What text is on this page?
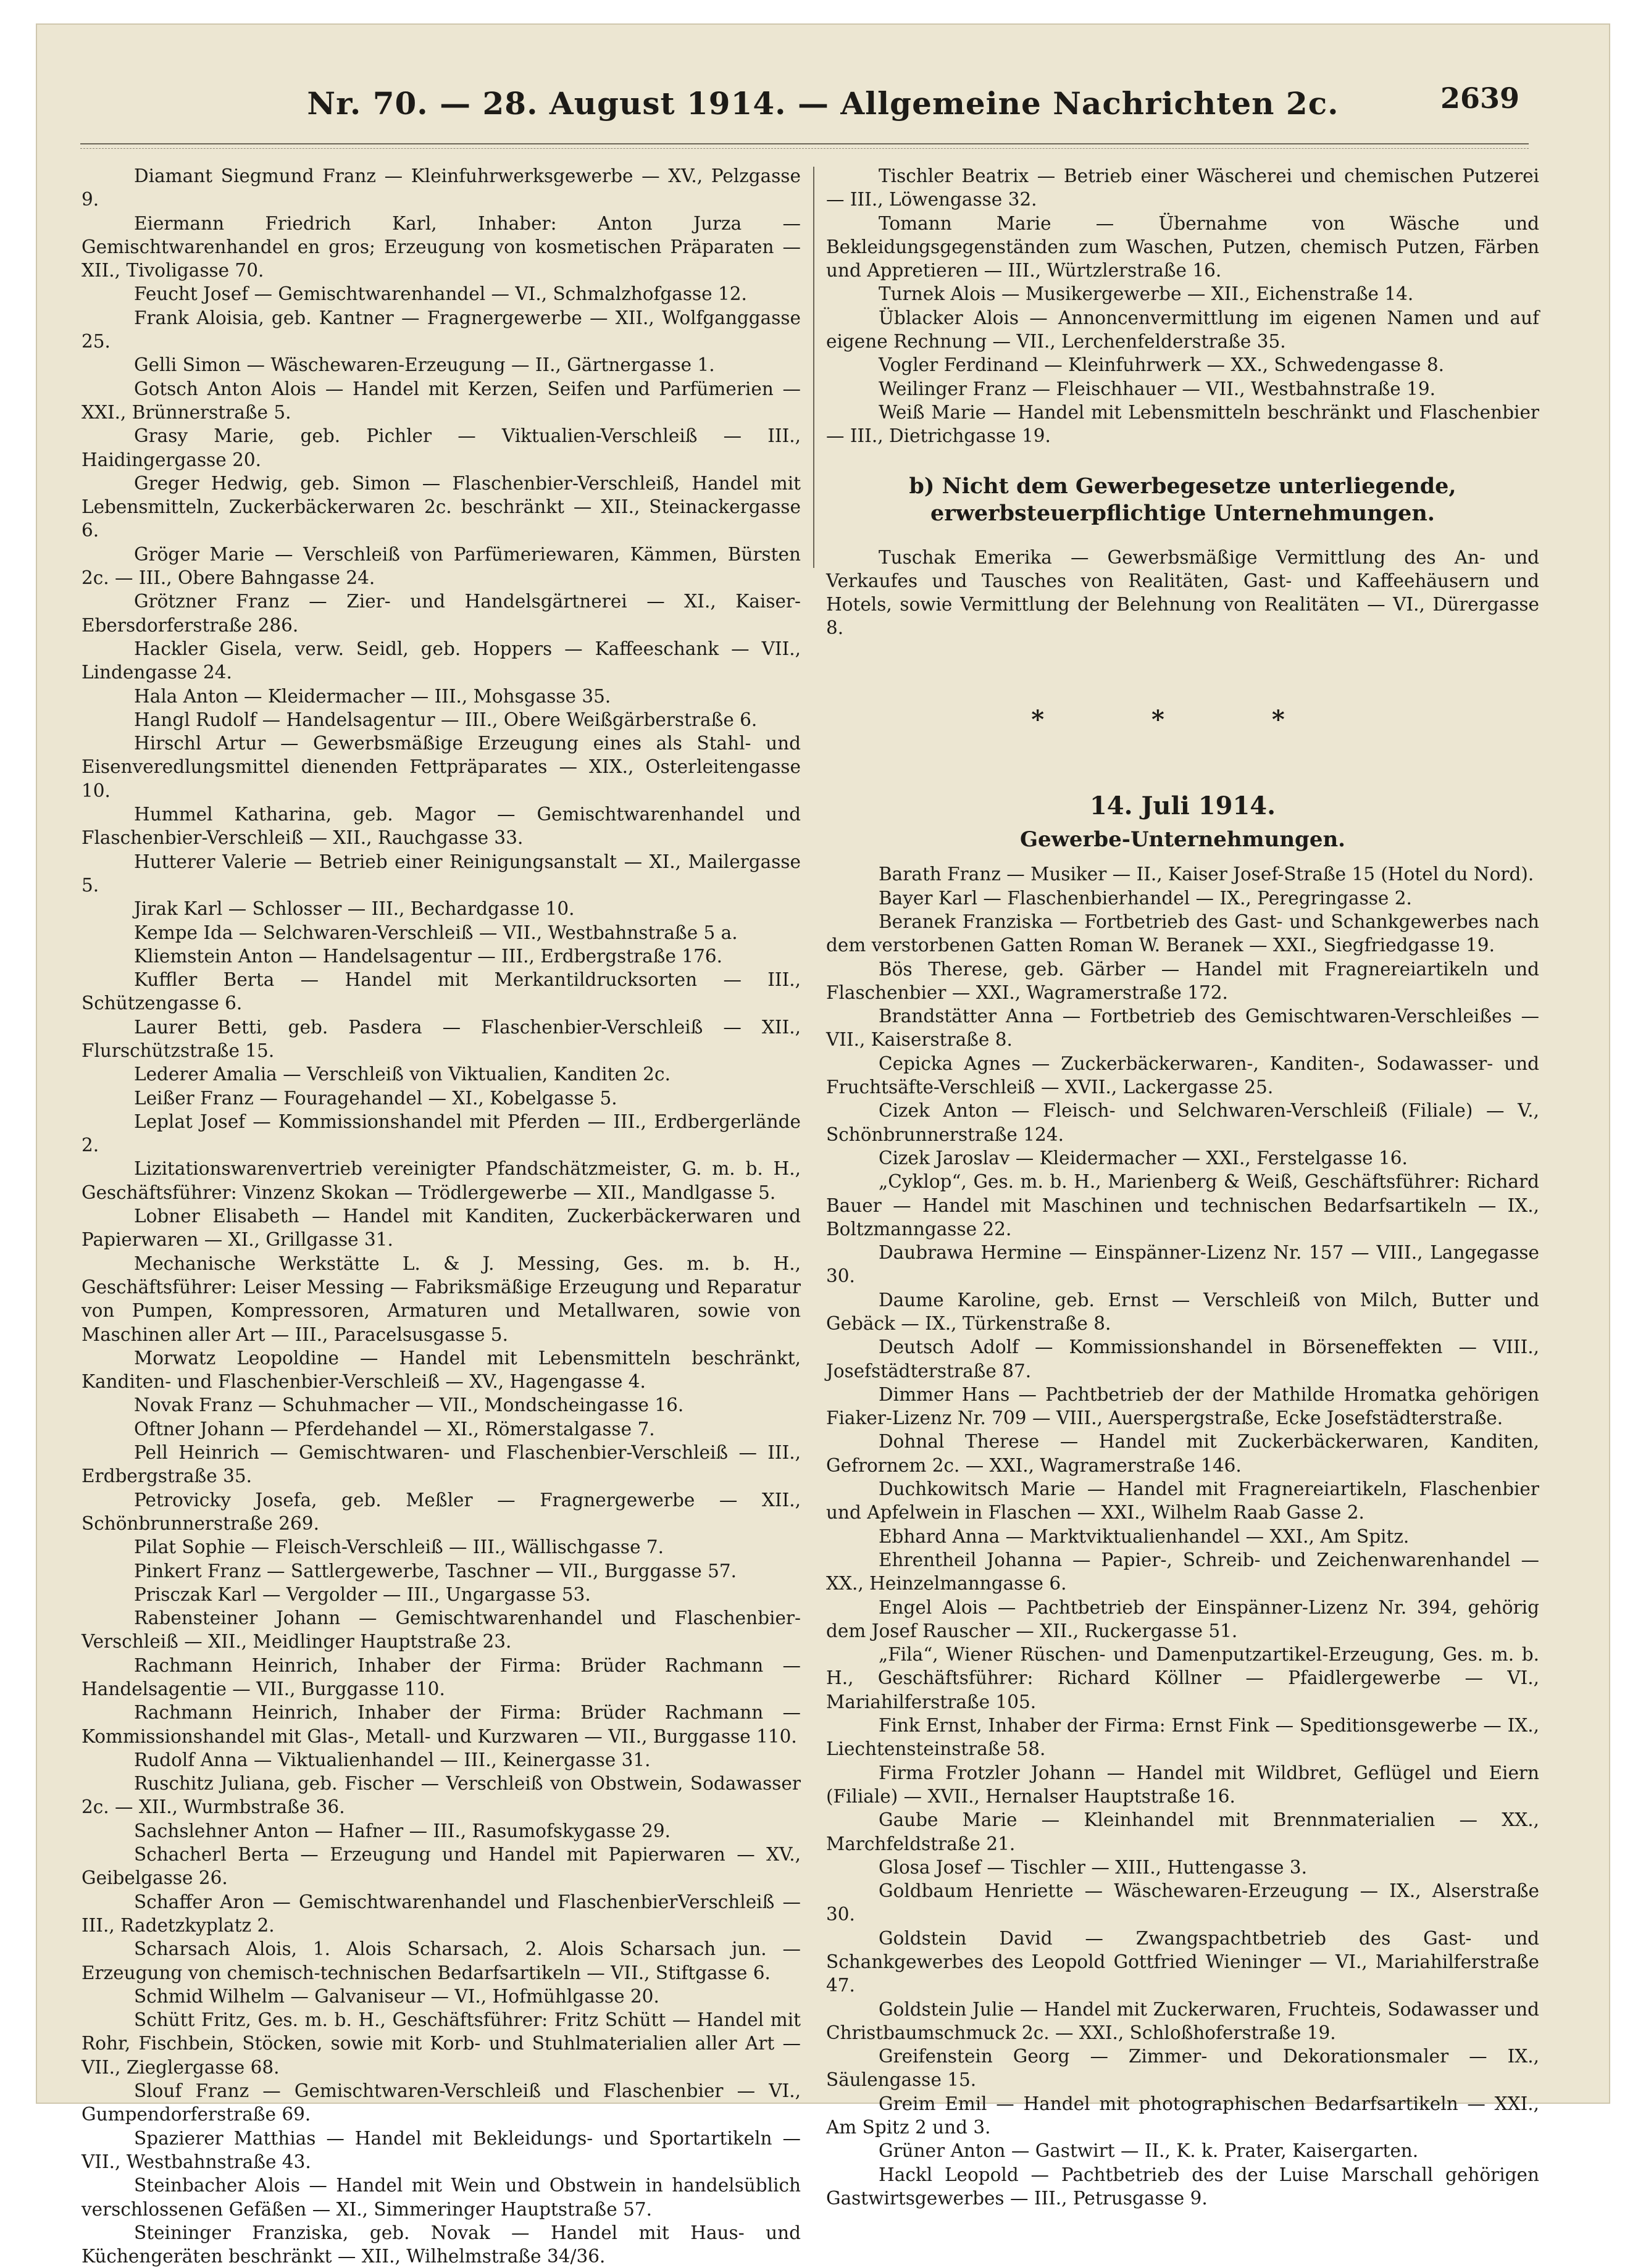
Nr. 70. — 28. August 1914. — Allgemeine Nachrichten 2c.	2639

Diamant Siegmund Franz — Kleinfuhrwerksgewerbe — XV., Pelzgasse 9.

Eiermann Friedrich Karl, Inhaber: Anton Jurza — Gemischtwarenhandel en gros; Erzeugung von kosmetischen Präparaten — XII., Tivoligasse 70.

Feucht Josef — Gemischtwarenhandel — VI., Schmalzhofgasse 12.

Frank Aloisia, geb. Kantner — Fragnergewerbe — XII., Wolfganggasse 25.

Gelli Simon — Wäschewaren-Erzeugung — II., Gärtnergasse 1.

Gotsch Anton Alois — Handel mit Kerzen, Seifen und Parfümerien — XXI., Brünnerstraße 5.

Grasy Marie, geb. Pichler — Viktualien-Verschleiß — III., Haidingergasse 20.

Greger Hedwig, geb. Simon — Flaschenbier-Verschleiß, Handel mit Lebensmitteln, Zuckerbäckerwaren 2c. beschränkt — XII., Steinackergasse 6.

Gröger Marie — Verschleiß von Parfümeriewaren, Kämmen, Bürsten 2c. — III., Obere Bahngasse 24.

Grötzner Franz — Zier- und Handelsgärtnerei — XI., Kaiser-Ebersdorferstraße 286.

Hackler Gisela, verw. Seidl, geb. Hoppers — Kaffeeschank — VII., Lindengasse 24.

Hala Anton — Kleidermacher — III., Mohsgasse 35.

Hangl Rudolf — Handelsagentur — III., Obere Weißgärberstraße 6.

Hirschl Artur — Gewerbsmäßige Erzeugung eines als Stahl- und Eisenveredlungsmittel dienenden Fettpräparates — XIX., Osterleitengasse 10.

Hummel Katharina, geb. Magor — Gemischtwarenhandel und Flaschenbier-Verschleiß — XII., Rauchgasse 33.

Hutterer Valerie — Betrieb einer Reinigungsanstalt — XI., Mailergasse 5.

Jirak Karl — Schlosser — III., Bechardgasse 10.

Kempe Ida — Selchwaren-Verschleiß — VII., Westbahnstraße 5 a.

Kliemstein Anton — Handelsagentur — III., Erdbergstraße 176.

Kuffler Berta — Handel mit Merkantildrucksorten — III., Schützengasse 6.

Laurer Betti, geb. Pasdera — Flaschenbier-Verschleiß — XII., Flurschützstraße 15.

Lederer Amalia — Verschleiß von Viktualien, Kanditen 2c.

Leißer Franz — Fouragehandel — XI., Kobelgasse 5.

Leplat Josef — Kommissionshandel mit Pferden — III., Erdbergerlände 2.

Lizitationswarenvertrieb vereinigter Pfandschätzmeister, G. m. b. H., Geschäftsführer: Vinzenz Skokan — Trödlergewerbe — XII., Mandlgasse 5.

Lobner Elisabeth — Handel mit Kanditen, Zuckerbäckerwaren und Papierwaren — XI., Grillgasse 31.

Mechanische Werkstätte L. & J. Messing, Ges. m. b. H., Geschäftsführer: Leiser Messing — Fabriksmäßige Erzeugung und Reparatur von Pumpen, Kompressoren, Armaturen und Metallwaren, sowie von Maschinen aller Art — III., Paracelsusgasse 5.

Morwatz Leopoldine — Handel mit Lebensmitteln beschränkt, Kanditen- und Flaschenbier-Verschleiß — XV., Hagengasse 4.

Novak Franz — Schuhmacher — VII., Mondscheingasse 16.

Oftner Johann — Pferdehandel — XI., Römerstalgasse 7.

Pell Heinrich — Gemischtwaren- und Flaschenbier-Verschleiß — III., Erdbergstraße 35.

Petrovicky Josefa, geb. Meßler — Fragnergewerbe — XII., Schönbrunnerstraße 269.

Pilat Sophie — Fleisch-Verschleiß — III., Wällischgasse 7.

Pinkert Franz — Sattlergewerbe, Taschner — VII., Burggasse 57.

Prisczak Karl — Vergolder — III., Ungargasse 53.

Rabensteiner Johann — Gemischtwarenhandel und Flaschenbier-Verschleiß — XII., Meidlinger Hauptstraße 23.

Rachmann Heinrich, Inhaber der Firma: Brüder Rachmann — Handelsagentie — VII., Burggasse 110.

Rachmann Heinrich, Inhaber der Firma: Brüder Rachmann — Kommissionshandel mit Glas-, Metall- und Kurzwaren — VII., Burggasse 110.

Rudolf Anna — Viktualienhandel — III., Keinergasse 31.

Ruschitz Juliana, geb. Fischer — Verschleiß von Obstwein, Sodawasser 2c. — XII., Wurmbstraße 36.

Sachslehner Anton — Hafner — III., Rasumofskygasse 29.

Schacherl Berta — Erzeugung und Handel mit Papierwaren — XV., Geibelgasse 26.

Schaffer Aron — Gemischtwarenhandel und FlaschenbierVerschleiß — III., Radetzkyplatz 2.

Scharsach Alois, 1. Alois Scharsach, 2. Alois Scharsach jun. — Erzeugung von chemisch-technischen Bedarfsartikeln — VII., Stiftgasse 6.

Schmid Wilhelm — Galvaniseur — VI., Hofmühlgasse 20.

Schütt Fritz, Ges. m. b. H., Geschäftsführer: Fritz Schütt — Handel mit Rohr, Fischbein, Stöcken, sowie mit Korb- und Stuhlmaterialien aller Art — VII., Zieglergasse 68.

Slouf Franz — Gemischtwaren-Verschleiß und Flaschenbier — VI., Gumpendorferstraße 69.

Spazierer Matthias — Handel mit Bekleidungs- und Sportartikeln — VII., Westbahnstraße 43.

Steinbacher Alois — Handel mit Wein und Obstwein in handelsüblich verschlossenen Gefäßen — XI., Simmeringer Hauptstraße 57.

Steininger Franziska, geb. Novak — Handel mit Haus- und Küchengeräten beschränkt — XII., Wilhelmstraße 34/36.

Tischler Beatrix — Betrieb einer Wäscherei und chemischen Putzerei — III., Löwengasse 32.

Tomann Marie — Übernahme von Wäsche und Bekleidungsgegenständen zum Waschen, Putzen, chemisch Putzen, Färben und Appretieren — III., Würtzlerstraße 16.

Turnek Alois — Musikergewerbe — XII., Eichenstraße 14.

Üblacker Alois — Annoncenvermittlung im eigenen Namen und auf eigene Rechnung — VII., Lerchenfelderstraße 35.

Vogler Ferdinand — Kleinfuhrwerk — XX., Schwedengasse 8.

Weilinger Franz — Fleischhauer — VII., Westbahnstraße 19.

Weiß Marie — Handel mit Lebensmitteln beschränkt und Flaschenbier — III., Dietrichgasse 19.

b) Nicht dem Gewerbegesetze unterliegende, erwerbsteuerpflichtige Unternehmungen.

Tuschak Emerika — Gewerbsmäßige Vermittlung des An- und Verkaufes und Tausches von Realitäten, Gast- und Kaffeehäusern und Hotels, sowie Vermittlung der Belehnung von Realitäten — VI., Dürergasse 8.

* * *
14. Juli 1914.
Gewerbe-Unternehmungen.

Barath Franz — Musiker — II., Kaiser Josef-Straße 15 (Hotel du Nord).

Bayer Karl — Flaschenbierhandel — IX., Peregringasse 2.

Beranek Franziska — Fortbetrieb des Gast- und Schankgewerbes nach dem verstorbenen Gatten Roman W. Beranek — XXI., Siegfriedgasse 19.

Bös Therese, geb. Gärber — Handel mit Fragnereiartikeln und Flaschenbier — XXI., Wagramerstraße 172.

Brandstätter Anna — Fortbetrieb des Gemischtwaren-Verschleißes — VII., Kaiserstraße 8.

Cepicka Agnes — Zuckerbäckerwaren-, Kanditen-, Sodawasser- und Fruchtsäfte-Verschleiß — XVII., Lackergasse 25.

Cizek Anton — Fleisch- und Selchwaren-Verschleiß (Filiale) — V., Schönbrunnerstraße 124.

Cizek Jaroslav — Kleidermacher — XXI., Ferstelgasse 16.

„Cyklop“, Ges. m. b. H., Marienberg & Weiß, Geschäftsführer: Richard Bauer — Handel mit Maschinen und technischen Bedarfsartikeln — IX., Boltzmanngasse 22.

Daubrawa Hermine — Einspänner-Lizenz Nr. 157 — VIII., Langegasse 30.

Daume Karoline, geb. Ernst — Verschleiß von Milch, Butter und Gebäck — IX., Türkenstraße 8.

Deutsch Adolf — Kommissionshandel in Börseneffekten — VIII., Josefstädterstraße 87.

Dimmer Hans — Pachtbetrieb der der Mathilde Hromatka gehörigen Fiaker-Lizenz Nr. 709 — VIII., Auerspergstraße, Ecke Josefstädterstraße.

Dohnal Therese — Handel mit Zuckerbäckerwaren, Kanditen, Gefrornem 2c. — XXI., Wagramerstraße 146.

Duchkowitsch Marie — Handel mit Fragnereiartikeln, Flaschenbier und Apfelwein in Flaschen — XXI., Wilhelm Raab Gasse 2.

Ebhard Anna — Marktviktualienhandel — XXI., Am Spitz.

Ehrentheil Johanna — Papier-, Schreib- und Zeichenwarenhandel — XX., Heinzelmanngasse 6.

Engel Alois — Pachtbetrieb der Einspänner-Lizenz Nr. 394, gehörig dem Josef Rauscher — XII., Ruckergasse 51.

„Fila“, Wiener Rüschen- und Damenputzartikel-Erzeugung, Ges. m. b. H., Geschäftsführer: Richard Köllner — Pfaidlergewerbe — VI., Mariahilferstraße 105.

Fink Ernst, Inhaber der Firma: Ernst Fink — Speditionsgewerbe — IX., Liechtensteinstraße 58.

Firma Frotzler Johann — Handel mit Wildbret, Geflügel und Eiern (Filiale) — XVII., Hernalser Hauptstraße 16.

Gaube Marie — Kleinhandel mit Brennmaterialien — XX., Marchfeldstraße 21.

Glosa Josef — Tischler — XIII., Huttengasse 3.

Goldbaum Henriette — Wäschewaren-Erzeugung — IX., Alserstraße 30.

Goldstein David — Zwangspachtbetrieb des Gast- und Schankgewerbes des Leopold Gottfried Wieninger — VI., Mariahilferstraße 47.

Goldstein Julie — Handel mit Zuckerwaren, Fruchteis, Sodawasser und Christbaumschmuck 2c. — XXI., Schloßhoferstraße 19.

Greifenstein Georg — Zimmer- und Dekorationsmaler — IX., Säulengasse 15.

Greim Emil — Handel mit photographischen Bedarfsartikeln — XXI., Am Spitz 2 und 3.

Grüner Anton — Gastwirt — II., K. k. Prater, Kaisergarten.

Hackl Leopold — Pachtbetrieb des der Luise Marschall gehörigen Gastwirtsgewerbes — III., Petrusgasse 9.
